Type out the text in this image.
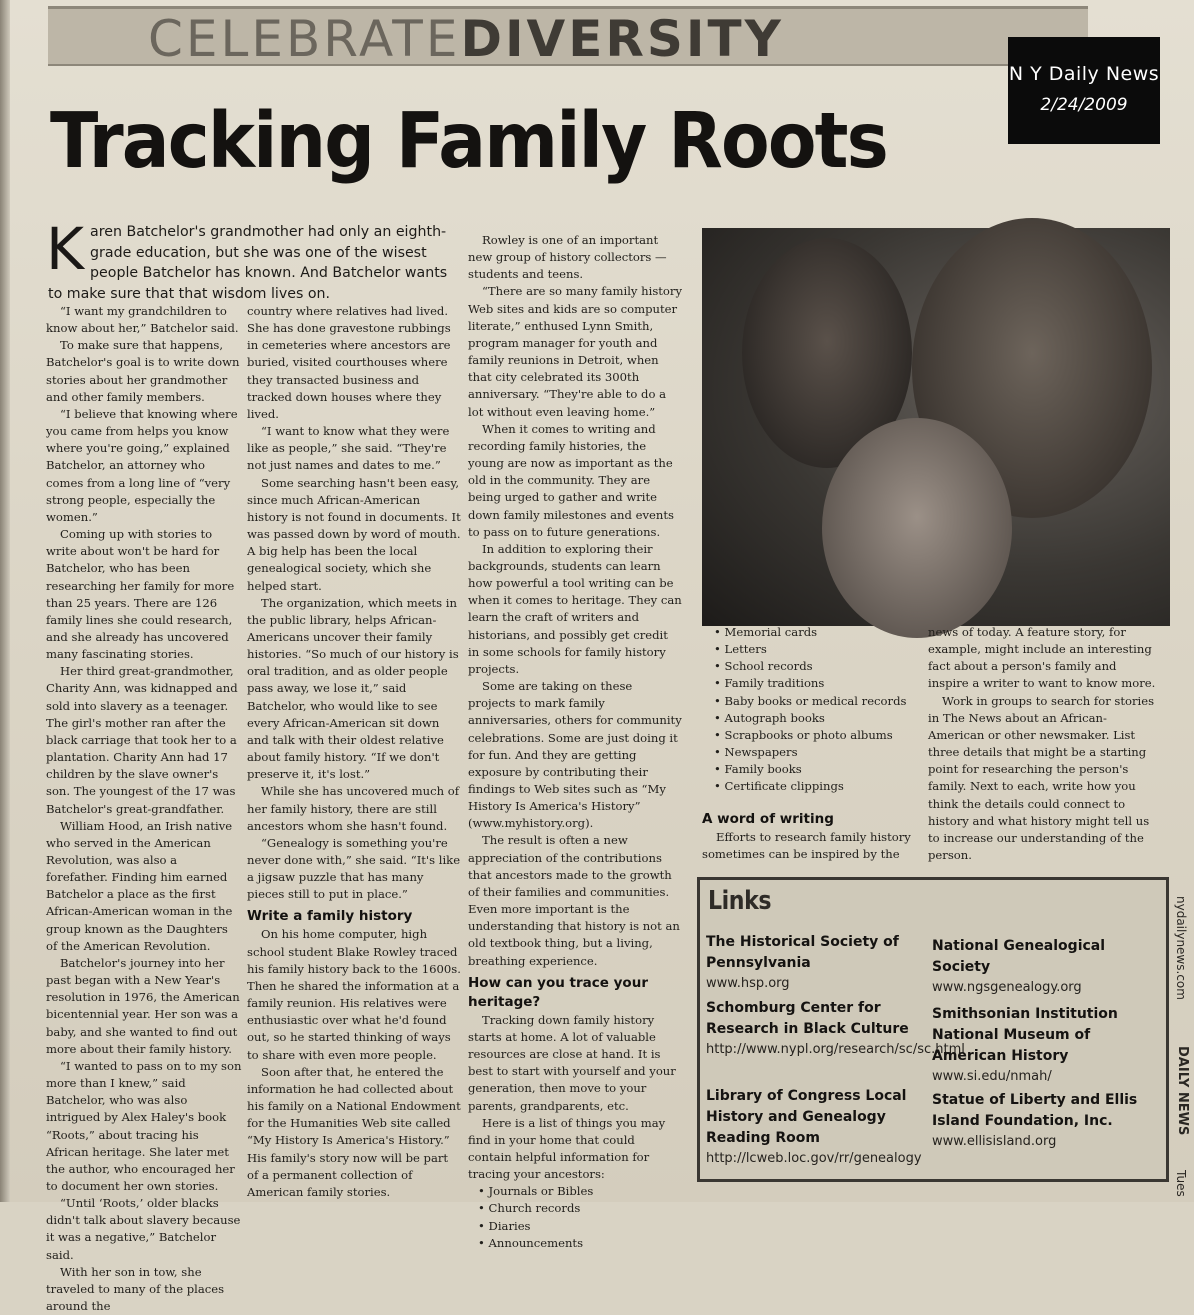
CELEBRATEDIVERSITY
N Y Daily News
2/24/2009
Tracking Family Roots
K aren Batchelor's grandmother had only an eighth-grade education, but she was one of the wisest people Batchelor has known. And Batchelor wants to make sure that that wisdom lives on.

“I want my grandchildren to know about her,” Batchelor said.

To make sure that happens, Batchelor's goal is to write down stories about her grandmother and other family members.

“I believe that knowing where you came from helps you know where you're going,” explained Batchelor, an attorney who comes from a long line of “very strong people, especially the women.”

Coming up with stories to write about won't be hard for Batchelor, who has been researching her family for more than 25 years. There are 126 family lines she could research, and she already has uncovered many fascinating stories.

Her third great-grandmother, Charity Ann, was kidnapped and sold into slavery as a teenager. The girl's mother ran after the black carriage that took her to a plantation. Charity Ann had 17 children by the slave owner's son. The youngest of the 17 was Batchelor's great-grandfather.

William Hood, an Irish native who served in the American Revolution, was also a forefather. Finding him earned Batchelor a place as the first African-American woman in the group known as the Daughters of the American Revolution.

Batchelor's journey into her past began with a New Year's resolution in 1976, the American bicentennial year. Her son was a baby, and she wanted to find out more about their family history.

“I wanted to pass on to my son more than I knew,” said Batchelor, who was also intrigued by Alex Haley's book “Roots,” about tracing his African heritage. She later met the author, who encouraged her to document her own stories.

“Until ‘Roots,’ older blacks didn't talk about slavery because it was a negative,” Batchelor said.

With her son in tow, she traveled to many of the places around the

country where relatives had lived. She has done gravestone rubbings in cemeteries where ancestors are buried, visited courthouses where they transacted business and tracked down houses where they lived.

“I want to know what they were like as people,” she said. “They're not just names and dates to me.”

Some searching hasn't been easy, since much African-American history is not found in documents. It was passed down by word of mouth. A big help has been the local genealogical society, which she helped start.

The organization, which meets in the public library, helps African-Americans uncover their family histories. “So much of our history is oral tradition, and as older people pass away, we lose it,” said Batchelor, who would like to see every African-American sit down and talk with their oldest relative about family history. “If we don't preserve it, it's lost.”

While she has uncovered much of her family history, there are still ancestors whom she hasn't found.

“Genealogy is something you're never done with,” she said. “It's like a jigsaw puzzle that has many pieces still to put in place.”

Write a family history

On his home computer, high school student Blake Rowley traced his family history back to the 1600s. Then he shared the information at a family reunion. His relatives were enthusiastic over what he'd found out, so he started thinking of ways to share with even more people.

Soon after that, he entered the information he had collected about his family on a National Endowment for the Humanities Web site called “My History Is America's History.” His family's story now will be part of a permanent collection of American family stories.

Rowley is one of an important new group of history collectors — students and teens.

“There are so many family history Web sites and kids are so computer literate,” enthused Lynn Smith, program manager for youth and family reunions in Detroit, when that city celebrated its 300th anniversary. “They're able to do a lot without even leaving home.”

When it comes to writing and recording family histories, the young are now as important as the old in the community. They are being urged to gather and write down family milestones and events to pass on to future generations.

In addition to exploring their backgrounds, students can learn how powerful a tool writing can be when it comes to heritage. They can learn the craft of writers and historians, and possibly get credit in some schools for family history projects.

Some are taking on these projects to mark family anniversaries, others for community celebrations. Some are just doing it for fun. And they are getting exposure by contributing their findings to Web sites such as “My History Is America's History” (www.myhistory.org).

The result is often a new appreciation of the contributions that ancestors made to the growth of their families and communities. Even more important is the understanding that history is not an old textbook thing, but a living, breathing experience.

How can you trace your heritage?

Tracking down family history starts at home. A lot of valuable resources are close at hand. It is best to start with yourself and your generation, then move to your parents, grandparents, etc.

Here is a list of things you may find in your home that could contain helpful information for tracing your ancestors:

• Journals or Bibles
• Church records
• Diaries
• Announcements
• Memorial cards
• Letters
• School records
• Family traditions
• Baby books or medical records
• Autograph books
• Scrapbooks or photo albums
• Newspapers
• Family books
• Certificate clippings
A word of writing

Efforts to research family history sometimes can be inspired by the

news of today. A feature story, for example, might include an interesting fact about a person's family and inspire a writer to want to know more.

Work in groups to search for stories in The News about an African-American or other newsmaker. List three details that might be a starting point for researching the person's family. Next to each, write how you think the details could connect to history and what history might tell us to increase our understanding of the person.

Links
The Historical Society of Pennsylvania
www.hsp.org
Schomburg Center for Research in Black Culture
http://www.nypl.org/research/sc/sc.html
Library of Congress Local History and Genealogy Reading Room
http://lcweb.loc.gov/rr/genealogy
National Genealogical Society
www.ngsgenealogy.org
Smithsonian Institution National Museum of American History
www.si.edu/nmah/
Statue of Liberty and Ellis Island Foundation, Inc.
www.ellisisland.org
nydailynews.com
DAILY NEWS
Tues
